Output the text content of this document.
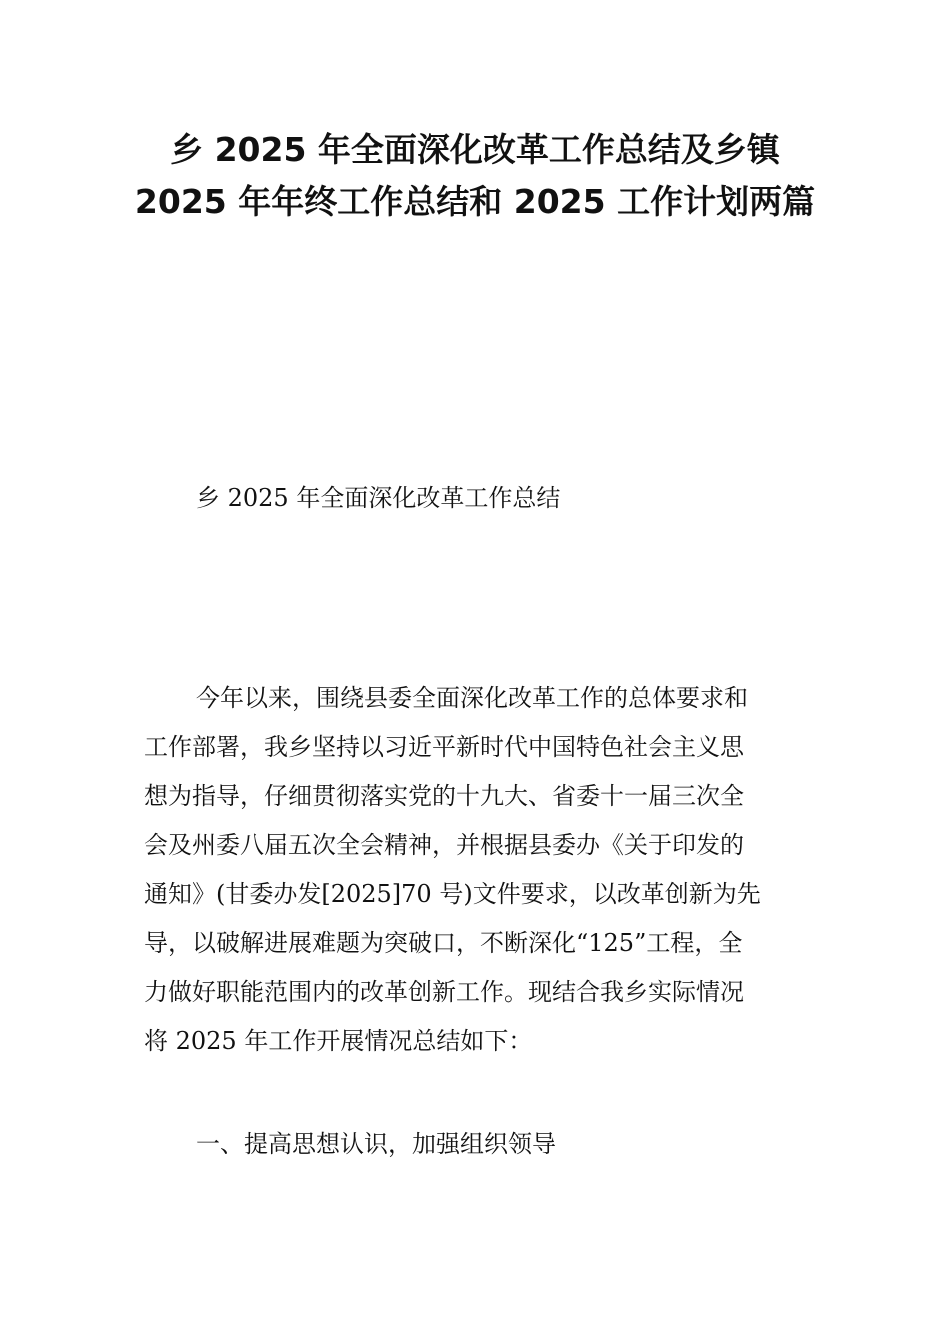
乡 2025 年全面深化改革工作总结及乡镇
2025 年年终工作总结和 2025 工作计划两篇
乡 2025 年全面深化改革工作总结
今年以来，围绕县委全面深化改革工作的总体要求和
工作部署，我乡坚持以习近平新时代中国特色社会主义思
想为指导，仔细贯彻落实党的十九大、省委十一届三次全
会及州委八届五次全会精神，并根据县委办《关于印发的
通知》(甘委办发[2025]70 号)文件要求，以改革创新为先
导，以破解进展难题为突破口，不断深化“125”工程，全
力做好职能范围内的改革创新工作。现结合我乡实际情况
将 2025 年工作开展情况总结如下：
一、提高思想认识，加强组织领导
